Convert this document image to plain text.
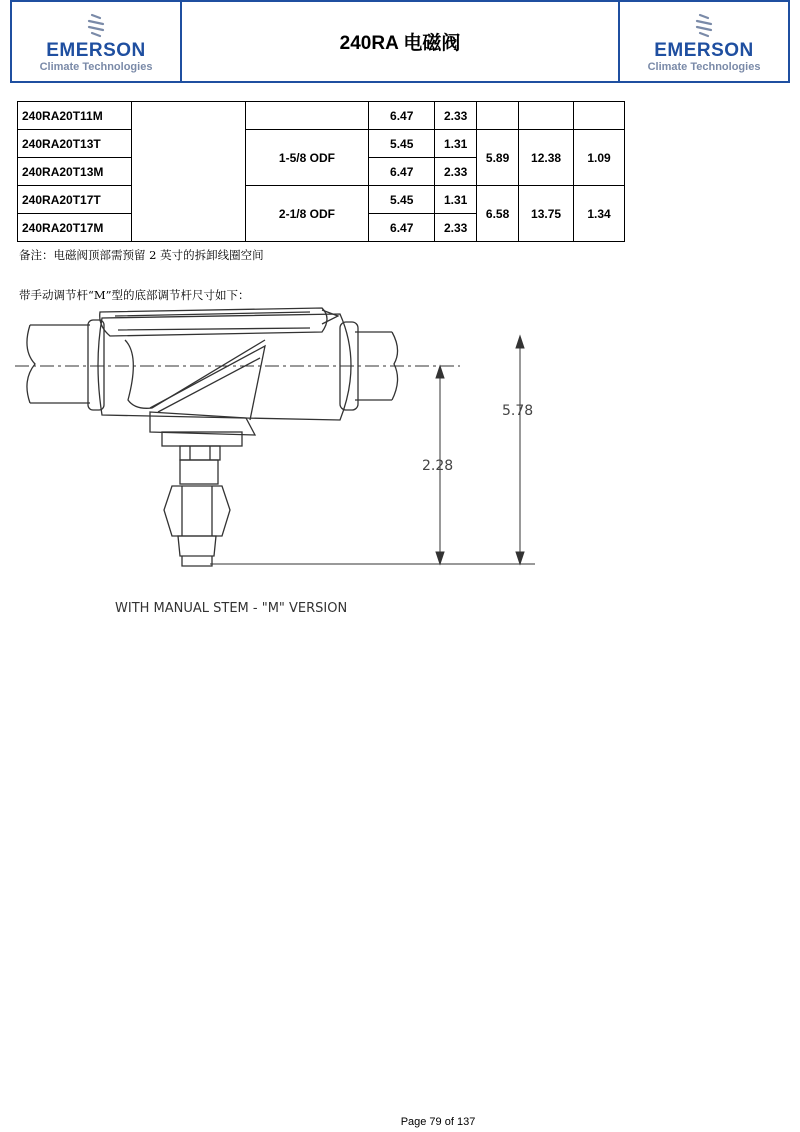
EMERSON
Climate Technologies
240RA 电磁阀	EMERSON
Climate Technologies
240RA20T11M			6.47	2.33			
240RA20T13T		1-5/8 ODF	5.45	1.31	5.89	12.38	1.09
240RA20T13M			6.47	2.33			
240RA20T17T		2-1/8 ODF	5.45	1.31	6.58	13.75	1.34
240RA20T17M			6.47	2.33			
备注：电磁阀顶部需预留 2 英寸的拆卸线圈空间
带手动调节杆“M”型的底部调节杆尺寸如下：
2.28
5.78
WITH MANUAL STEM - "M" VERSION
Page 79 of 137
